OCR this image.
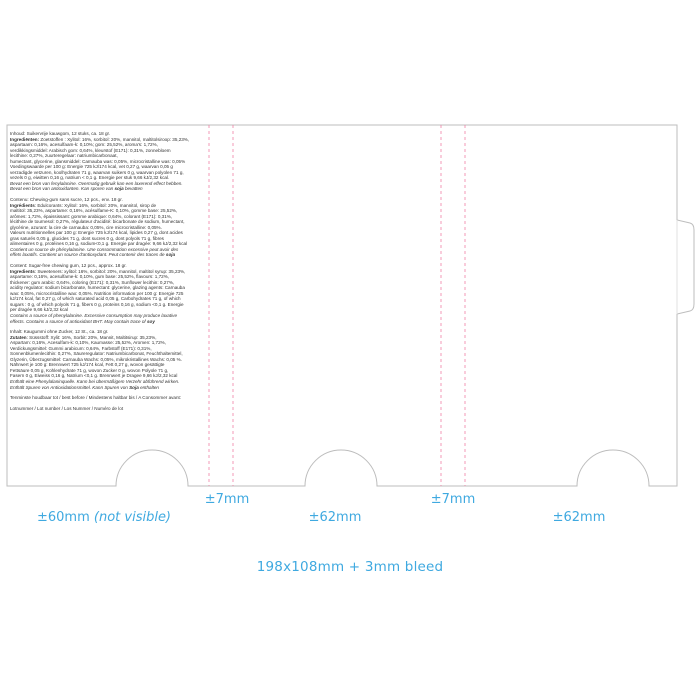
Inhoud: Suikervrije kauwgom, 12 stuks, ca. 18 gr.
Ingrediënten: Zoetstoffen : Xylitol: 16%, sorbitol: 20%, mannitol, maltitolsiroop: 35,23%,
aspartaam: 0,16%, acesulfaam-k: 0,10%; gom: 25,52%, aroma's: 1,72%,
verdikkingsmiddel: Arabisch gom: 0,64%, kleurstof (E171): 0,31%, zonnebloem
lecithine: 0,27%, zuurteregelaar: natriumbicarbonaat,
humectant, glycerine, glansmiddel: Carnauba was: 0,05%, microcristalline was: 0,05%
Voedingswaarde per 100 g: Energie 725 kJ/174 kcal, vet 0,27 g, waarvan 0,05 g
verzadigde vetzuren, koolhydraten 71 g, waarvan suikers 0 g, waarvan polyolen 71 g,
vezels 0 g, eiwitten 0,16 g, natrium < 0,1 g. Energie per stuk 9,66 kJ/2,32 kcal.
Bevat een bron van fenylalanine. Overmatig gebruik kan een laxerend effect hebben.
Bevat een bron van antioxidanten. Kan sporen van soja bevatten

Contenu: Chewing-gum sans sucre, 12 pcs., env. 18 gr.
Ingrédients: Edulcorants: Xylitol: 16%, sorbitol: 20%, mannitol, sirop de
maltitol: 35,23%, aspartame: 0,16%, acésulfame-K: 0,10%, gomme base: 25,52%,
arômes: 1,72%, épaississant: gomme arabique: 0,64%, colorant (E171): 0,31%,
lécithine de tournesol: 0,27%, régulateur d'acidité: bicarbonate de sodium, humectant,
glycérine, azurant: la cire de carnauba: 0,05%, cire microcristalline: 0,05%.
Valeurs nutritionnelles par 100 g: Energie 725 kJ/174 kcal, lipides 0,27 g, dont acides
gras saturés 0,05 g, glucides 71 g, dont sucres 0 g, dont polyols 71 g, fibres
alimentaires 0 g, protéines 0,16 g, sodium<0,1 g. Energie par dragée: 9,66 kJ/2,32 kcal
Contient un source de phénylalanine. Une consommation excessive peut avoir des
effets laxatifs. Contient un source d'antioxydant. Peut contenir des traces de soja

Content: Sugar-free chewing gum, 12 pcs., approx. 18 gr.
Ingredients: Sweeteners: xylitol: 16%, sorbitol: 20%, mannitol, maltitol syrup: 35,23%,
aspartame: 0,16%, acesulfame-k: 0,10%, gum base: 25,52%, flavours: 1,72%,
thickener: gum arabic: 0,64%, coloring (E171): 0,31%, Sunflower lecithin: 0,27%,
acidity regulator: sodium bicarbonate, humectant: glycerine, glazing agents: Carnauba
wax: 0,05%, microcristalline wax: 0,05%. Nutrition information per 100 g: Energie 725
kJ/174 kcal, fat 0,27 g, of which saturated acid 0,05 g, Carbohydrates 71 g, of which
sugars : 0 g, of which polyols 71 g, fibers 0 g, proteins 0,16 g, sodium <0,1 g. Energie
per dragée 9,66 kJ/2,32 kcal
Contains a source of phenylalanine. Excessive consumption may produce laxative
effects. Contains a source of antioxidant BHT. May contain trace of soy

Inhalt: Kaugummi ohne Zucker, 12 St., ca. 18 gr.
Zutaten: Süssstoff: Xylit: 16%, Sorbit: 20%, Mannit, Maltitsirup: 35,23%,
Aspartam: 0,16%, Acesulfam-k: 0,10%, Kaumasse: 25,52%, Aromen: 1,72%,
Verdickungsmittel: Gummi arabicum: 0,64%, Farbstoff (E171): 0,31%,
Sonnenblumenlecithin: 0,27%, Säureregulator: Natriumbicarbonat, Feuchthaltemittel,
Glyzerin, Überzugsmittel: Carnauba Wachs: 0,05%, mikrokristallines Wachs: 0,05 %.
Nährwert je 100 g: Brennwert 725 kJ/174 kcal, Fett 0,27 g, wovon gesättigte
Fettsäure 0,05 g, Kohlenhydrate 71 g, wovon Zucker 0 g, wovon Polyole 71 g,
Fasern 0 g, Eiweiss 0,16 g, Natrium <0,1 g. Brennwert je Dragee 9,66 kJ/2,32 kcal
Enthält eine Phenylalaninquelle. Kann bei übermäßigem Verzehr abführend wirken.
Enthält Spuren von Antioxidationsmittel. Kann Spuren von Soja enthalten

Tenminste houdbaar tot / best before / Mindestens haltbar bis / A Consommer avant:

Lotnummer / Lot number / Los Nummer / Numéro de lot

±7mm	±7mm
±60mm (not visible)	±62mm	±62mm
198x108mm + 3mm bleed
